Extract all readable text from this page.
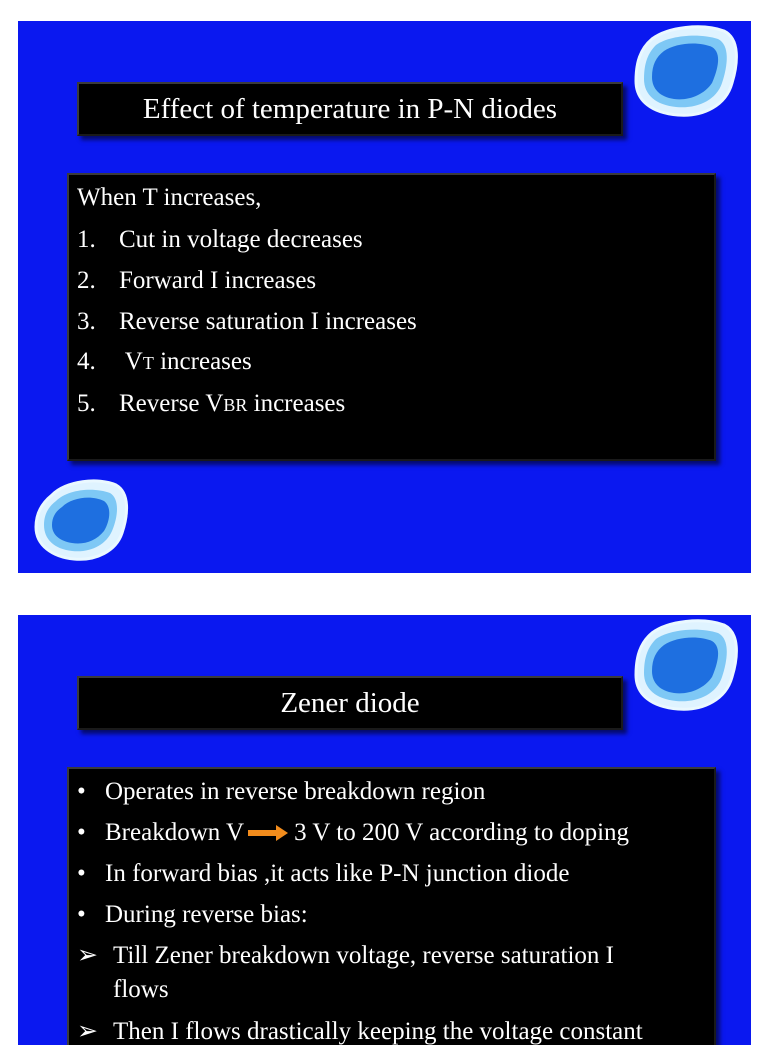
Effect of temperature in P-N diodes
When T increases,
1. Cut in voltage decreases
2. Forward I increases
3. Reverse saturation I increases
4. VT increases
5. Reverse VBR increases
Zener diode
• Operates in reverse breakdown region
• Breakdown V 3 V to 200 V according to doping
• In forward bias ,it acts like P-N junction diode
• During reverse bias:
➢ Till Zener breakdown voltage, reverse saturation I
flows
➢ Then I flows drastically keeping the voltage constant
